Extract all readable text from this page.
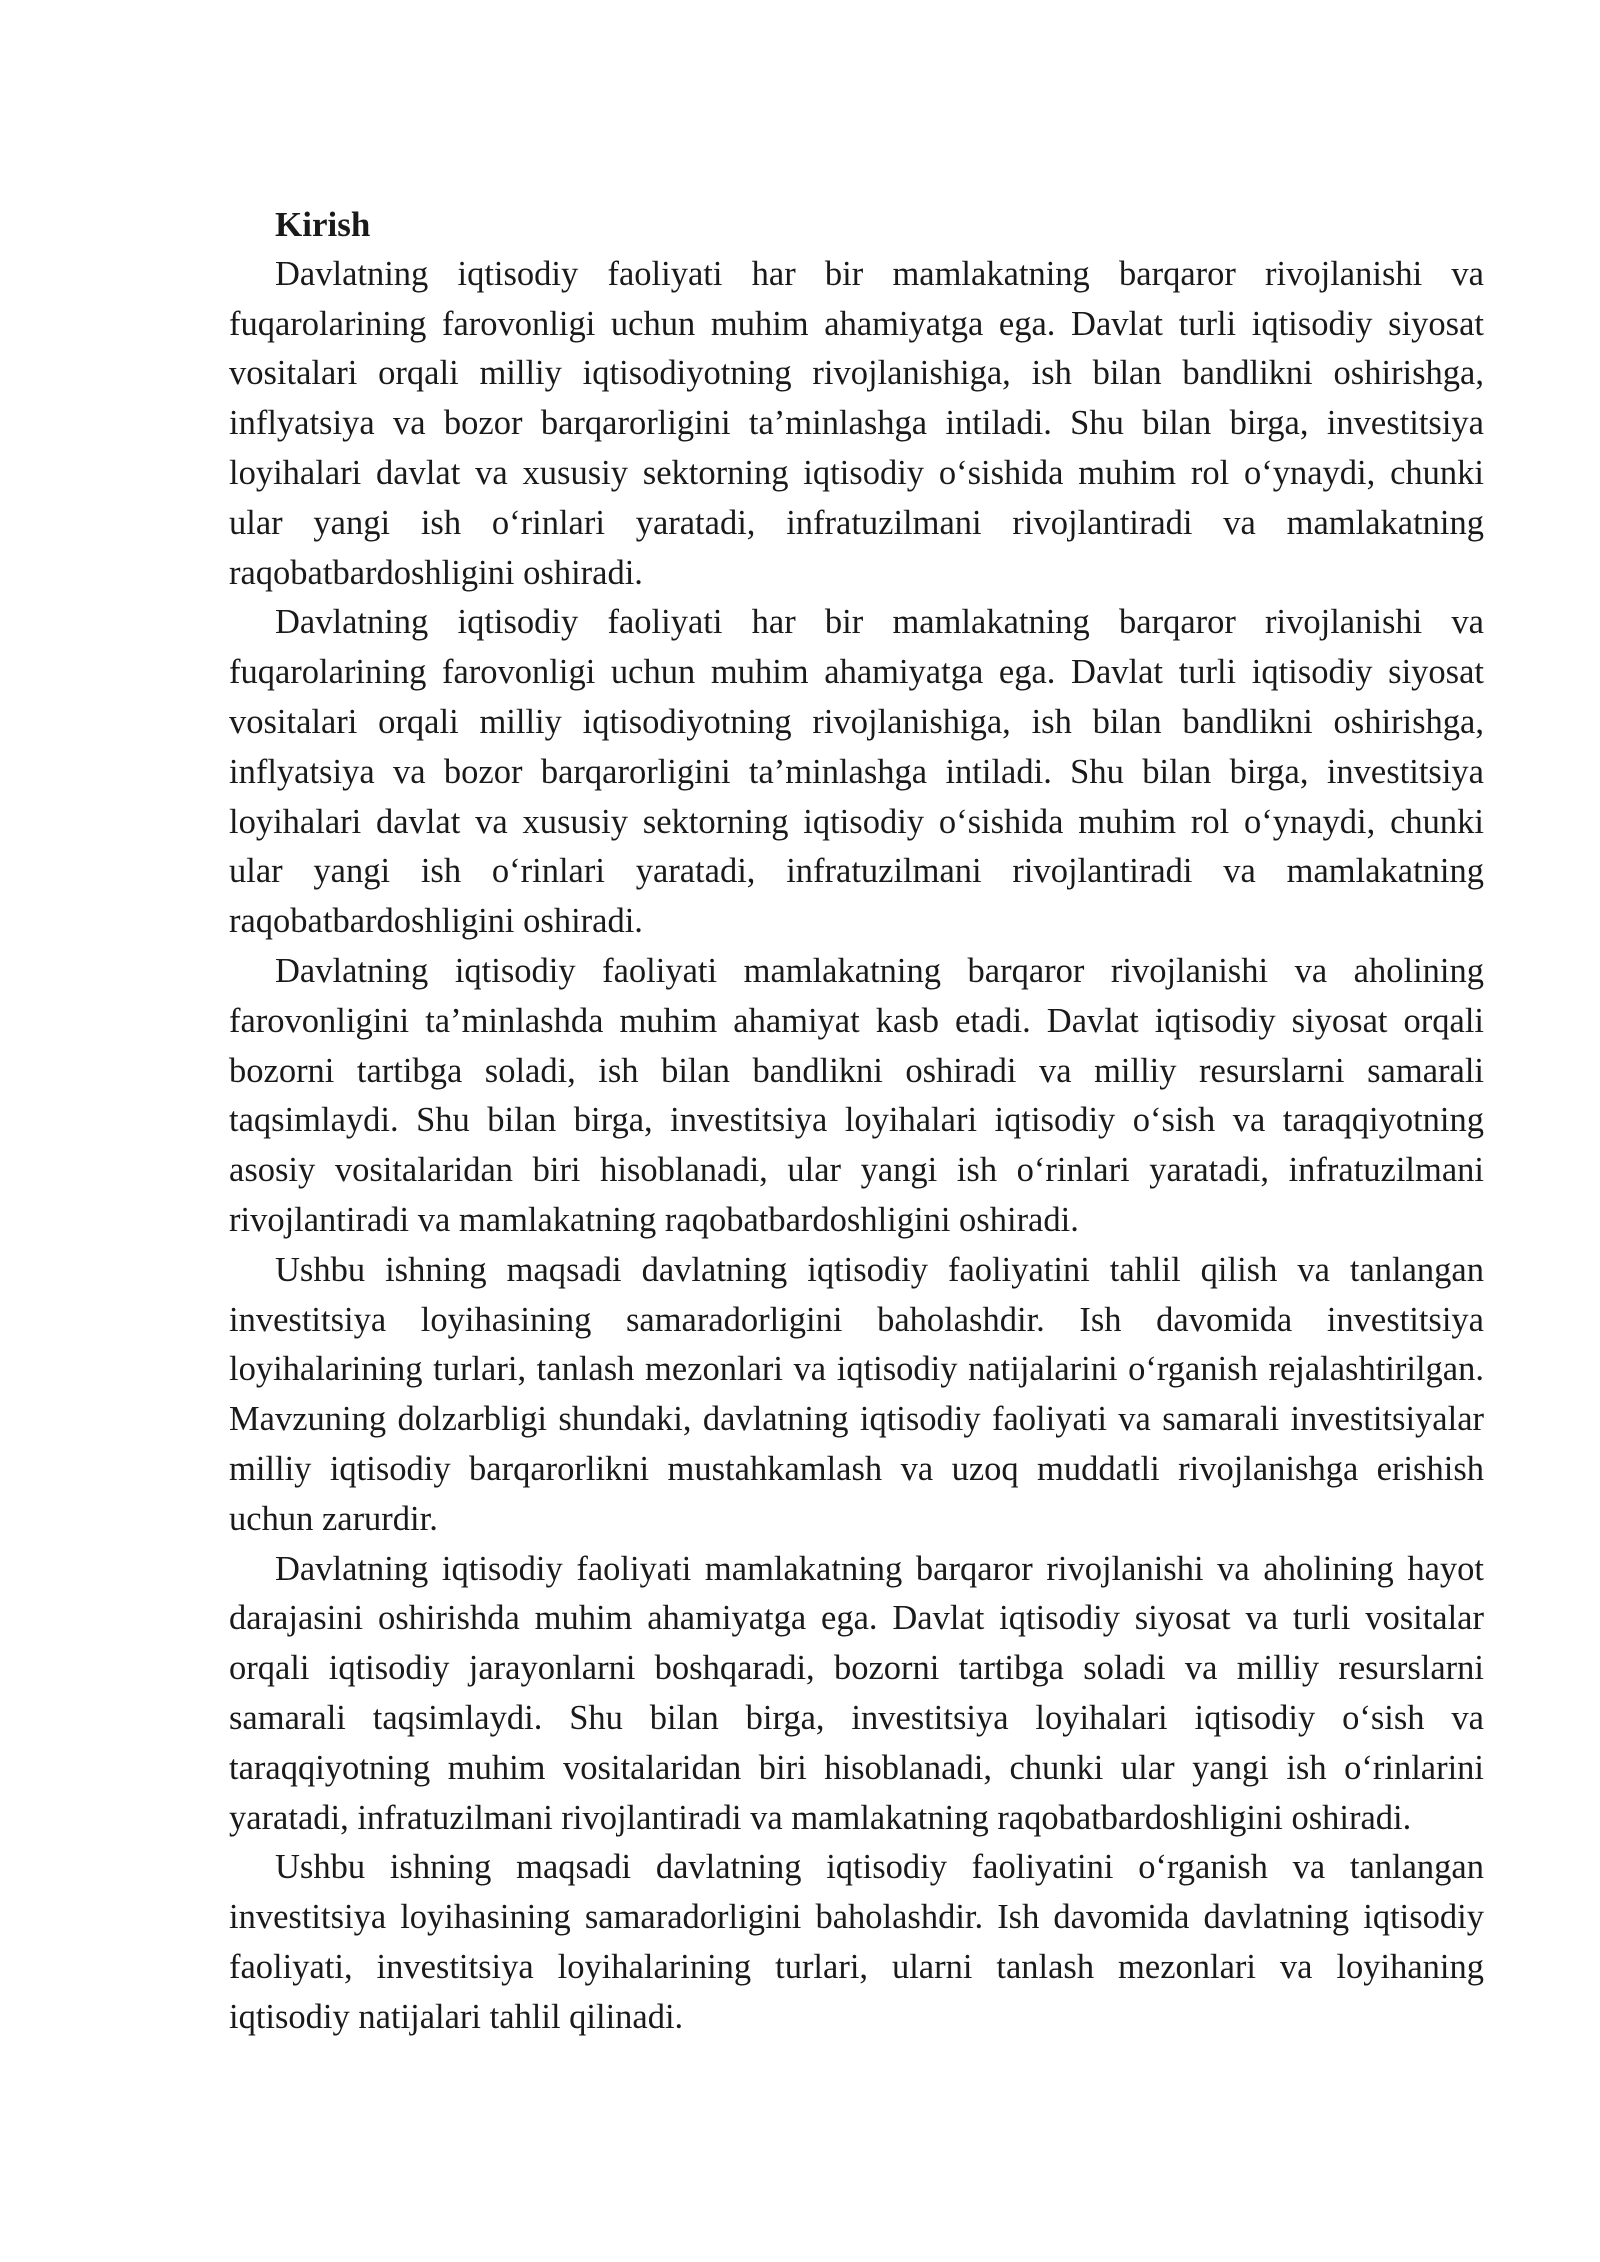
Kirish

Davlatning iqtisodiy faoliyati har bir mamlakatning barqaror rivojlanishi va fuqarolarining farovonligi uchun muhim ahamiyatga ega. Davlat turli iqtisodiy siyosat vositalari orqali milliy iqtisodiyotning rivojlanishiga, ish bilan bandlikni oshirishga, inflyatsiya va bozor barqarorligini ta’minlashga intiladi. Shu bilan birga, investitsiya loyihalari davlat va xususiy sektorning iqtisodiy o‘sishida muhim rol o‘ynaydi, chunki ular yangi ish o‘rinlari yaratadi, infratuzilmani rivojlantiradi va mamlakatning raqobatbardoshligini oshiradi.

Davlatning iqtisodiy faoliyati har bir mamlakatning barqaror rivojlanishi va fuqarolarining farovonligi uchun muhim ahamiyatga ega. Davlat turli iqtisodiy siyosat vositalari orqali milliy iqtisodiyotning rivojlanishiga, ish bilan bandlikni oshirishga, inflyatsiya va bozor barqarorligini ta’minlashga intiladi. Shu bilan birga, investitsiya loyihalari davlat va xususiy sektorning iqtisodiy o‘sishida muhim rol o‘ynaydi, chunki ular yangi ish o‘rinlari yaratadi, infratuzilmani rivojlantiradi va mamlakatning raqobatbardoshligini oshiradi.

Davlatning iqtisodiy faoliyati mamlakatning barqaror rivojlanishi va aholining farovonligini ta’minlashda muhim ahamiyat kasb etadi. Davlat iqtisodiy siyosat orqali bozorni tartibga soladi, ish bilan bandlikni oshiradi va milliy resurslarni samarali taqsimlaydi. Shu bilan birga, investitsiya loyihalari iqtisodiy o‘sish va taraqqiyotning asosiy vositalaridan biri hisoblanadi, ular yangi ish o‘rinlari yaratadi, infratuzilmani rivojlantiradi va mamlakatning raqobatbardoshligini oshiradi.

Ushbu ishning maqsadi davlatning iqtisodiy faoliyatini tahlil qilish va tanlangan investitsiya loyihasining samaradorligini baholashdir. Ish davomida investitsiya loyihalarining turlari, tanlash mezonlari va iqtisodiy natijalarini o‘rganish rejalashtirilgan. Mavzuning dolzarbligi shundaki, davlatning iqtisodiy faoliyati va samarali investitsiyalar milliy iqtisodiy barqarorlikni mustahkamlash va uzoq muddatli rivojlanishga erishish uchun zarurdir.

Davlatning iqtisodiy faoliyati mamlakatning barqaror rivojlanishi va aholining hayot darajasini oshirishda muhim ahamiyatga ega. Davlat iqtisodiy siyosat va turli vositalar orqali iqtisodiy jarayonlarni boshqaradi, bozorni tartibga soladi va milliy resurslarni samarali taqsimlaydi. Shu bilan birga, investitsiya loyihalari iqtisodiy o‘sish va taraqqiyotning muhim vositalaridan biri hisoblanadi, chunki ular yangi ish o‘rinlarini yaratadi, infratuzilmani rivojlantiradi va mamlakatning raqobatbardoshligini oshiradi.

Ushbu ishning maqsadi davlatning iqtisodiy faoliyatini o‘rganish va tanlangan investitsiya loyihasining samaradorligini baholashdir. Ish davomida davlatning iqtisodiy faoliyati, investitsiya loyihalarining turlari, ularni tanlash mezonlari va loyihaning iqtisodiy natijalari tahlil qilinadi.
